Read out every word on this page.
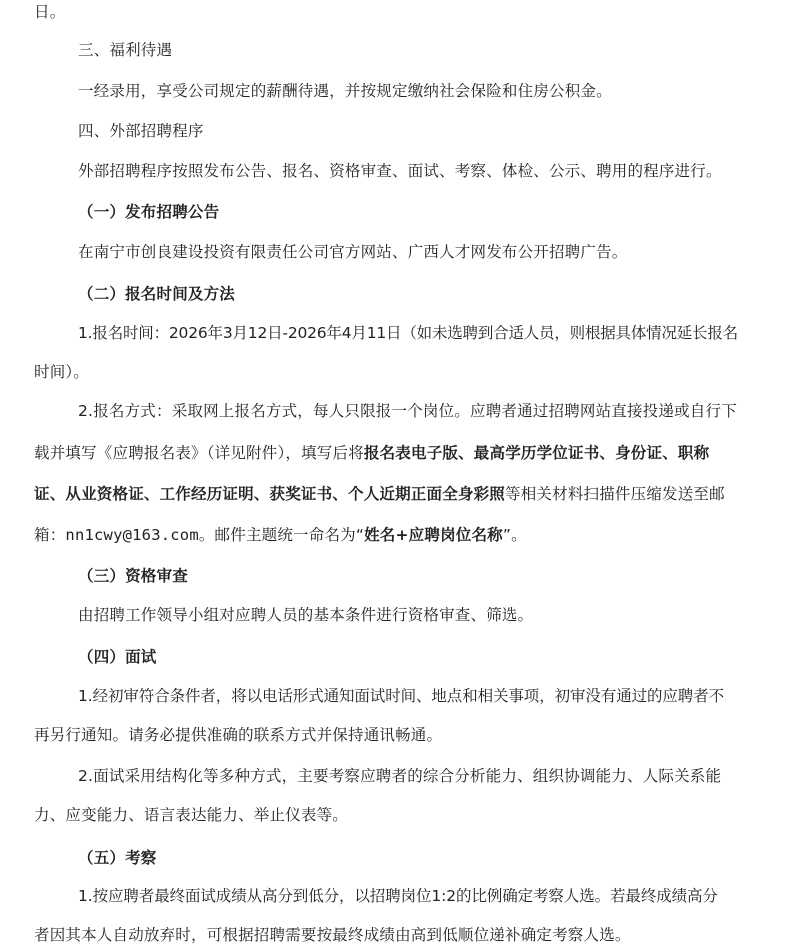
日。
三、福利待遇
一经录用，享受公司规定的薪酬待遇，并按规定缴纳社会保险和住房公积金。
四、外部招聘程序
外部招聘程序按照发布公告、报名、资格审查、面试、考察、体检、公示、聘用的程序进行。
（一）发布招聘公告
在南宁市创良建设投资有限责任公司官方网站、广西人才网发布公开招聘广告。
（二）报名时间及方法
1.报名时间：2026年3月12日-2026年4月11日（如未选聘到合适人员，则根据具体情况延长报名
时间）。
2.报名方式：采取网上报名方式，每人只限报一个岗位。应聘者通过招聘网站直接投递或自行下
载并填写《应聘报名表》（详见附件），填写后将报名表电子版、最高学历学位证书、身份证、职称
证、从业资格证、工作经历证明、获奖证书、个人近期正面全身彩照等相关材料扫描件压缩发送至邮
箱：nn1cwy@163.com。邮件主题统一命名为“姓名+应聘岗位名称”。
（三）资格审查
由招聘工作领导小组对应聘人员的基本条件进行资格审查、筛选。
（四）面试
1.经初审符合条件者，将以电话形式通知面试时间、地点和相关事项，初审没有通过的应聘者不
再另行通知。请务必提供准确的联系方式并保持通讯畅通。
2.面试采用结构化等多种方式，主要考察应聘者的综合分析能力、组织协调能力、人际关系能
力、应变能力、语言表达能力、举止仪表等。
（五）考察
1.按应聘者最终面试成绩从高分到低分，以招聘岗位1:2的比例确定考察人选。若最终成绩高分
者因其本人自动放弃时，可根据招聘需要按最终成绩由高到低顺位递补确定考察人选。
